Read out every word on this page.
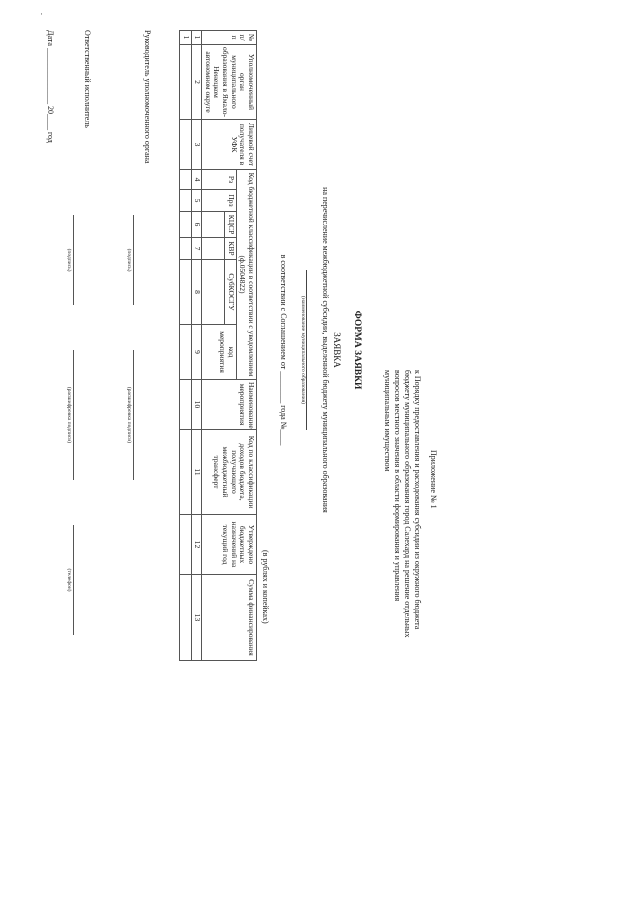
·
Приложение № 1
к Порядку предоставления и расходования субсидии из окружного бюджета бюджету муниципального образования город Салехард на решение отдельных вопросов местного значения в области формирования и управления муниципальным имуществом
ФОРМА ЗАЯВКИ
ЗАЯВКА
на перечисление межбюджетной субсидии, выделенной бюджету муниципального образования
(наименование муниципального образования)
в соответствии с Соглашением от ________ года №____
(в рублях и копейках)
№ п/п	Уполномоченный орган муниципального образования в Ямало-Ненецком автономном округе	Лицевой счет получателя в УФК	Код бюджетной классификации в соответствии с уведомлением (ф.0504822)						Наименование мероприятия	Код по классификации доходов бюджета, получающего межбюджетный трансферт	Утверждено бюджетных назначений на текущий год	Сумма финансирования
			Рз	Прз	КЦСР	КВР	СубКОСГУ	код мероприятия				

1	2	3	4	5	6	7	8	9	10	11	12	13
1												
Руководитель уполномоченного органа
(подпись)
(расшифровка подписи)
Ответственный исполнитель
(подпись)
(расшифровка подписи)
(телефон)
Дата ______________ 20____ год
